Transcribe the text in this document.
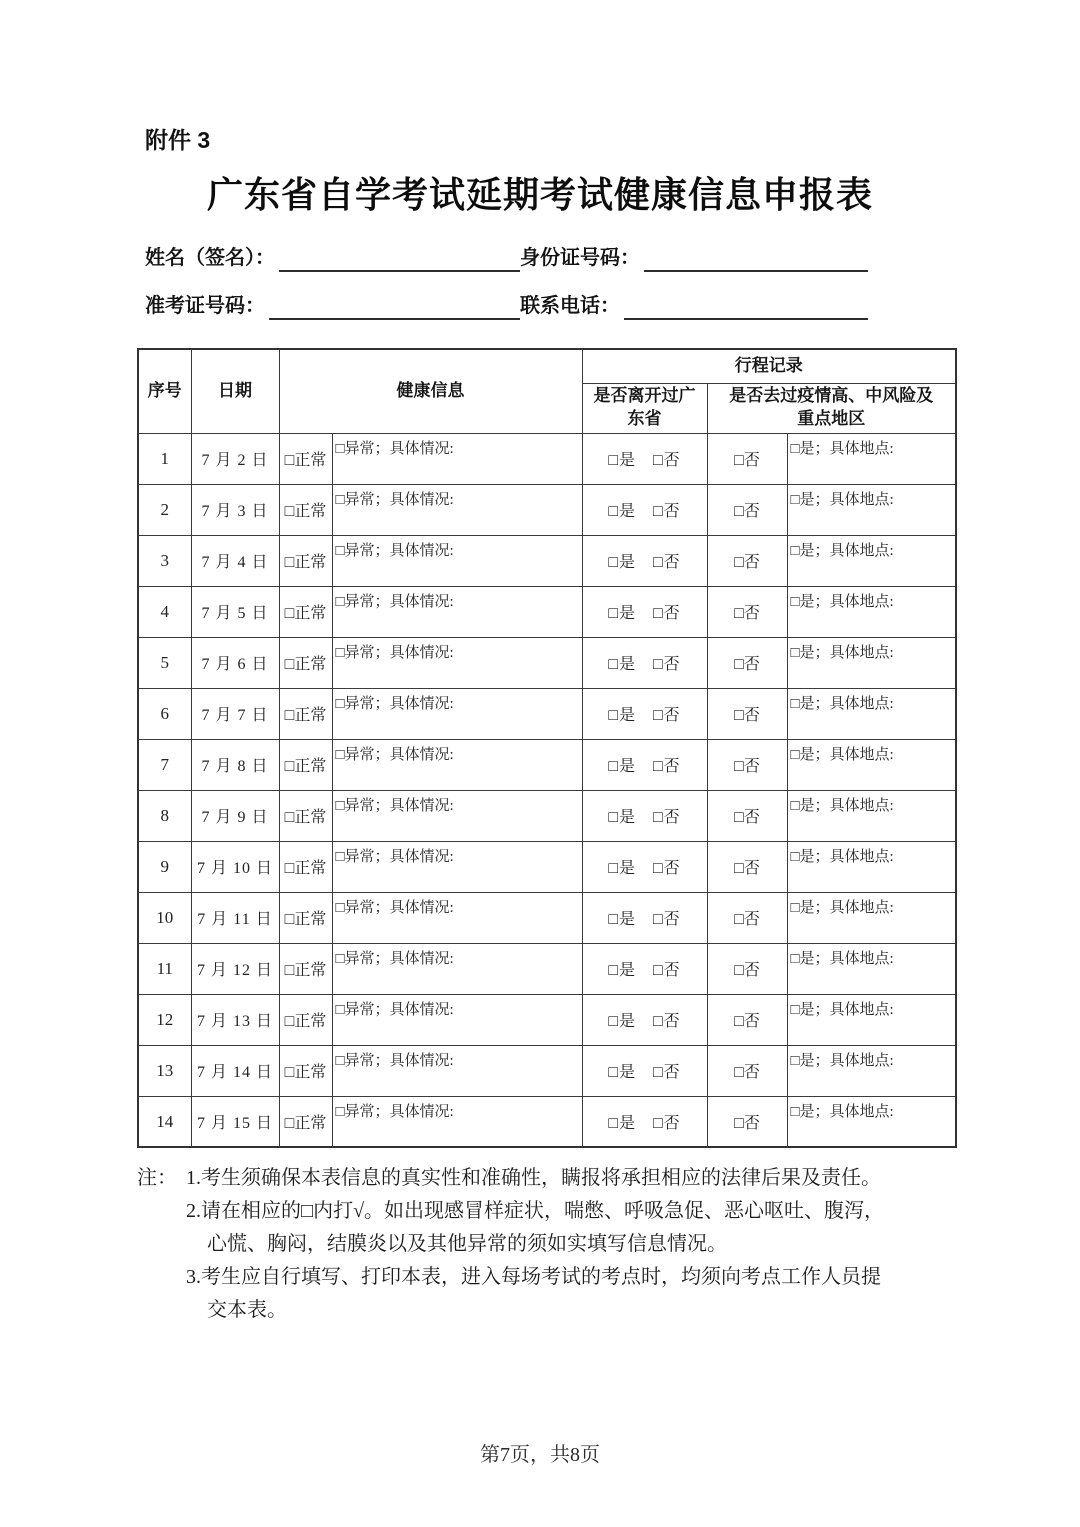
附件 3
广东省自学考试延期考试健康信息申报表
姓名（签名）：	身份证号码：
准考证号码：	联系电话：
序号	日期	健康信息		行程记录		
				是否离开过广东省	是否去过疫情高、中风险及重点地区	
1	7 月 2 日	□正常	□异常；具体情况:	□是　□否	□否	□是；具体地点:
2	7 月 3 日	□正常	□异常；具体情况:	□是　□否	□否	□是；具体地点:
3	7 月 4 日	□正常	□异常；具体情况:	□是　□否	□否	□是；具体地点:
4	7 月 5 日	□正常	□异常；具体情况:	□是　□否	□否	□是；具体地点:
5	7 月 6 日	□正常	□异常；具体情况:	□是　□否	□否	□是；具体地点:
6	7 月 7 日	□正常	□异常；具体情况:	□是　□否	□否	□是；具体地点:
7	7 月 8 日	□正常	□异常；具体情况:	□是　□否	□否	□是；具体地点:
8	7 月 9 日	□正常	□异常；具体情况:	□是　□否	□否	□是；具体地点:
9	7 月 10 日	□正常	□异常；具体情况:	□是　□否	□否	□是；具体地点:
10	7 月 11 日	□正常	□异常；具体情况:	□是　□否	□否	□是；具体地点:
11	7 月 12 日	□正常	□异常；具体情况:	□是　□否	□否	□是；具体地点:
12	7 月 13 日	□正常	□异常；具体情况:	□是　□否	□否	□是；具体地点:
13	7 月 14 日	□正常	□异常；具体情况:	□是　□否	□否	□是；具体地点:
14	7 月 15 日	□正常	□异常；具体情况:	□是　□否	□否	□是；具体地点:
注： 1.考生须确保本表信息的真实性和准确性，瞒报将承担相应的法律后果及责任。
2.请在相应的□内打√。如出现感冒样症状，喘憋、呼吸急促、恶心呕吐、腹泻，
心慌、胸闷，结膜炎以及其他异常的须如实填写信息情况。
3.考生应自行填写、打印本表，进入每场考试的考点时，均须向考点工作人员提
交本表。
第7页，共8页
